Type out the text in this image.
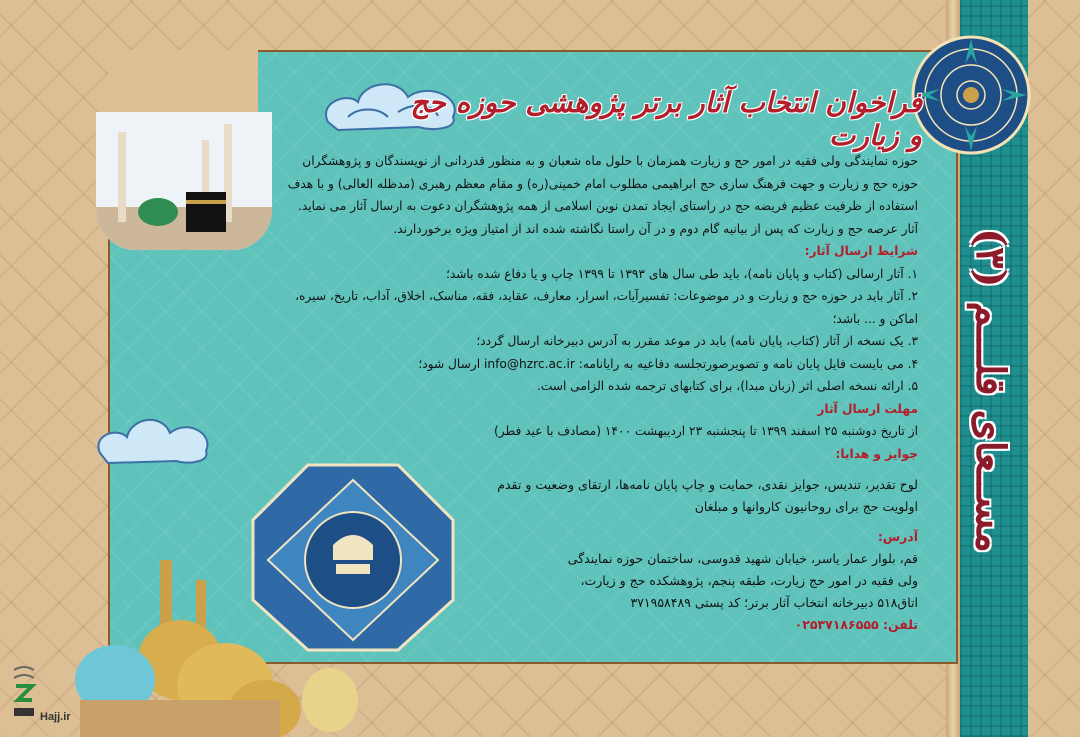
فراخوان انتخاب آثار برتر پژوهشی حوزه حج و زیارت

حوزه نمایندگی ولی فقیه در امور حج و زیارت همزمان با حلول ماه شعبان و به منظور قدردانی از نویسندگان و پژوهشگران

حوزه حج و زیارت و جهت فرهنگ سازی حج ابراهیمی مطلوب امام خمینی(ره) و مقام معظم رهبری (مدظله العالی) و با هدف

استفاده از ظرفیت عظیم فریضه حج در راستای ایجاد تمدن نوین اسلامی از همه پژوهشگران دعوت به ارسال آثار می نماید.

آثار عرصه حج و زیارت که پس از بیانیه گام دوم و در آن راستا نگاشته شده اند از امتیاز ویژه برخوردارند.

شرایط ارسال آثار:

۱. آثار ارسالی (کتاب و پایان نامه)، باید طی سال های ۱۳۹۳ تا ۱۳۹۹ چاپ و یا دفاع شده باشد؛

۲. آثار باید در حوزه حج و زیارت و در موضوعات: تفسیرآیات، اسرار، معارف، عقاید، فقه، مناسک، اخلاق، آداب، تاریخ، سیره، اماکن و ... باشد؛

۳. یک نسخه از آثار (کتاب، پایان نامه) باید در موعد مقرر به آدرس دبیرخانه ارسال گردد؛

۴. می بایست فایل پایان نامه و تصویرصورتجلسه دفاعیه به رایانامه: info@hzrc.ac.ir ارسال شود؛

۵. ارائه نسخه اصلی اثر (زبان مبدا)، برای کتابهای ترجمه شده الزامی است.

مهلت ارسال آثار

از تاریخ دوشنبه ۲۵ اسفند ۱۳۹۹ تا پنجشنبه ۲۳ اردیبهشت ۱۴۰۰ (مصادف با عید فطر)

جوایز و هدایا:

لوح تقدیر، تندیس، جوایز نقدی، حمایت و چاپ پایان نامه‌ها، ارتقای وضعیت و تقدم

اولویت حج برای روحانیون کاروانها و مبلغان

آدرس:

قم، بلوار عمار یاسر، خیابان شهید قدوسی، ساختمان حوزه نمایندگی

ولی فقیه در امور حج زیارت، طبقه پنجم، پژوهشکده حج و زیارت،

اتاق۵۱۸ دبیرخانه انتخاب آثار برتر؛ کد پستی ۳۷۱۹۵۸۴۸۹

تلفن: ۰۲۵۳۷۱۸۶۵۵۵

مســعای قلـــم (۳)
Hajj.ir
